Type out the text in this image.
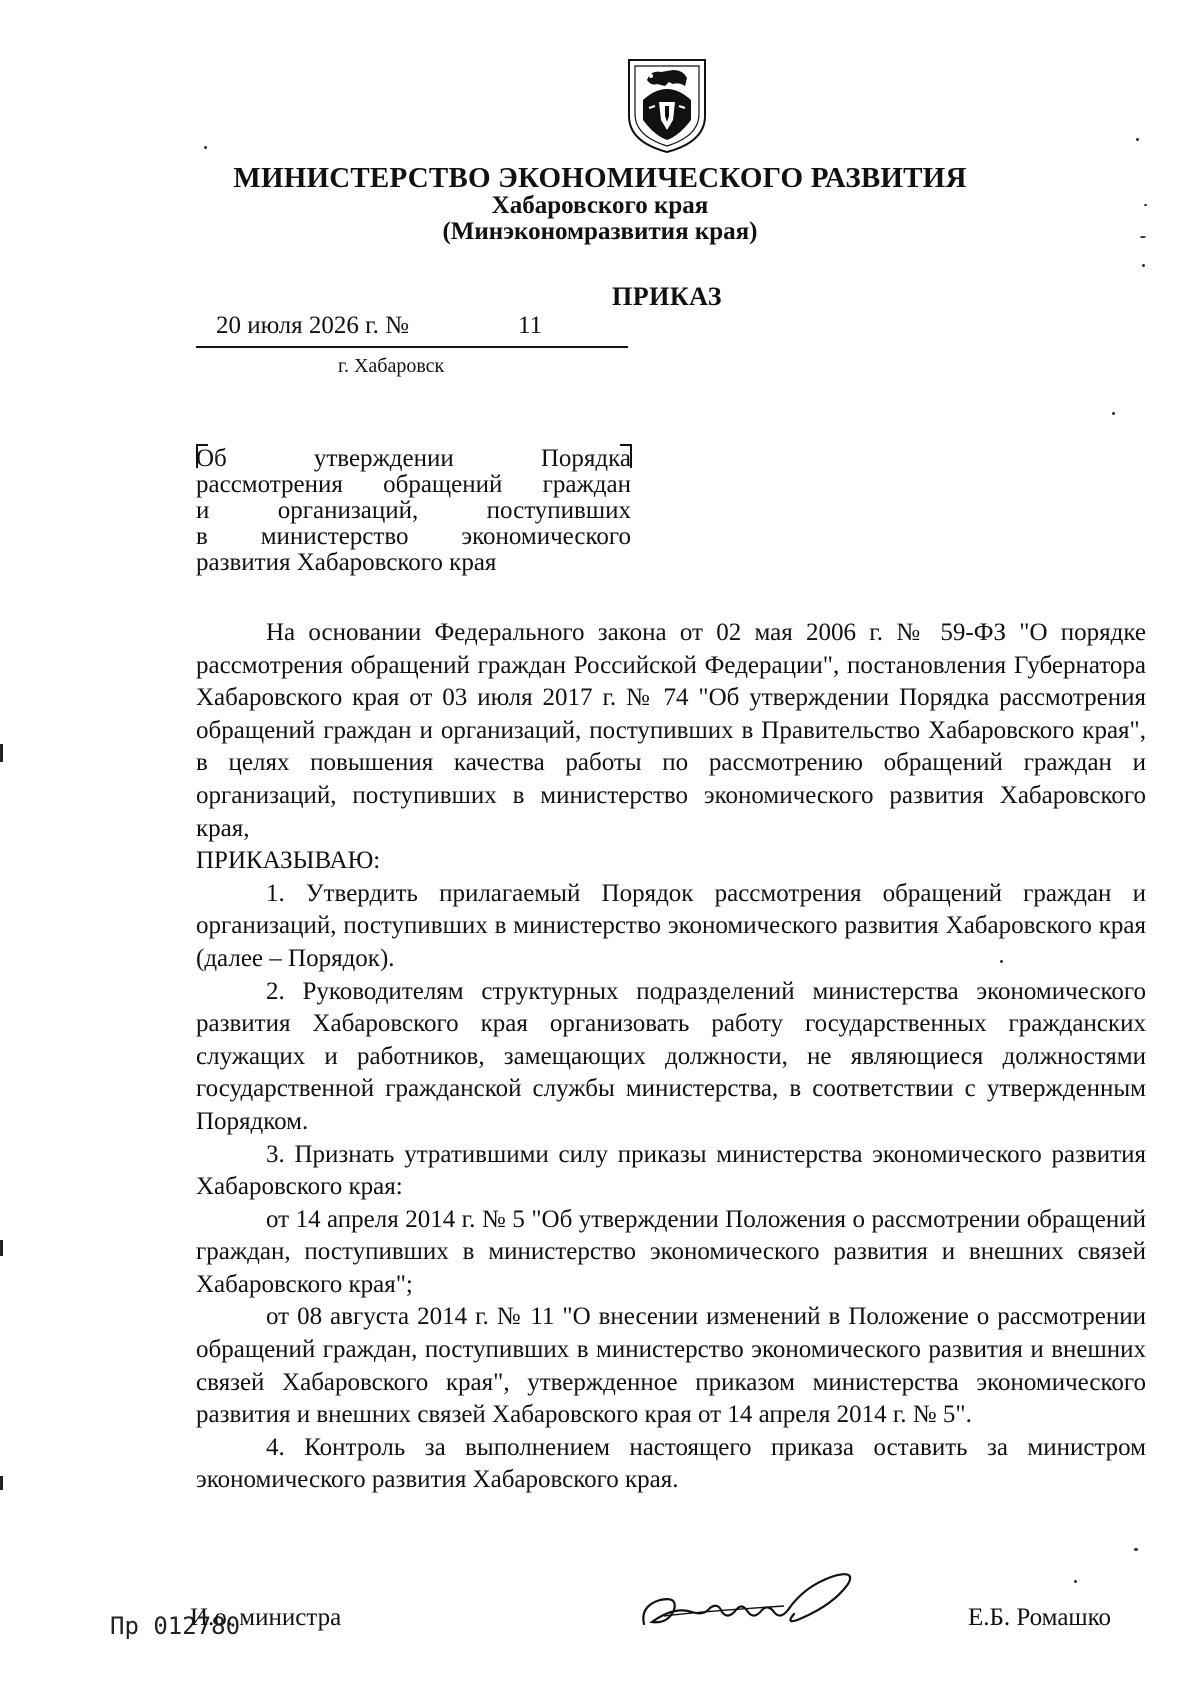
МИНИСТЕРСТВО ЭКОНОМИЧЕСКОГО РАЗВИТИЯ
Хабаровского края
(Минэкономразвития края)
ПРИКАЗ
20 июля 2026 г. №	11
г. Хабаровск
Об утверждении Порядка
рассмотрения обращений граждан
и организаций, поступивших
в министерство экономического
развития Хабаровского края

На основании Федерального закона от 02 мая 2006 г. № 59-ФЗ "О порядке рассмотрения обращений граждан Российской Федерации", постановления Губернатора Хабаровского края от 03 июля 2017 г. № 74 "Об утверждении Порядка рассмотрения обращений граждан и организаций, поступивших в Правительство Хабаровского края", в целях повышения качества работы по рассмотрению обращений граждан и организаций, поступивших в министерство экономического развития Хабаровского края,

ПРИКАЗЫВАЮ:

1. Утвердить прилагаемый Порядок рассмотрения обращений граждан и организаций, поступивших в министерство экономического развития Хабаровского края (далее – Порядок).

2. Руководителям структурных подразделений министерства экономического развития Хабаровского края организовать работу государственных гражданских служащих и работников, замещающих должности, не являющиеся должностями государственной гражданской службы министерства, в соответствии с утвержденным Порядком.

3. Признать утратившими силу приказы министерства экономического развития Хабаровского края:

от 14 апреля 2014 г. № 5 "Об утверждении Положения о рассмотрении обращений граждан, поступивших в министерство экономического развития и внешних связей Хабаровского края";

от 08 августа 2014 г. № 11 "О внесении изменений в Положение о рассмотрении обращений граждан, поступивших в министерство экономического развития и внешних связей Хабаровского края", утвержденное приказом министерства экономического развития и внешних связей Хабаровского края от 14 апреля 2014 г. № 5".

4. Контроль за выполнением настоящего приказа оставить за министром экономического развития Хабаровского края.

Пр 012780
И.о. министра	Е.Б. Ромашко
